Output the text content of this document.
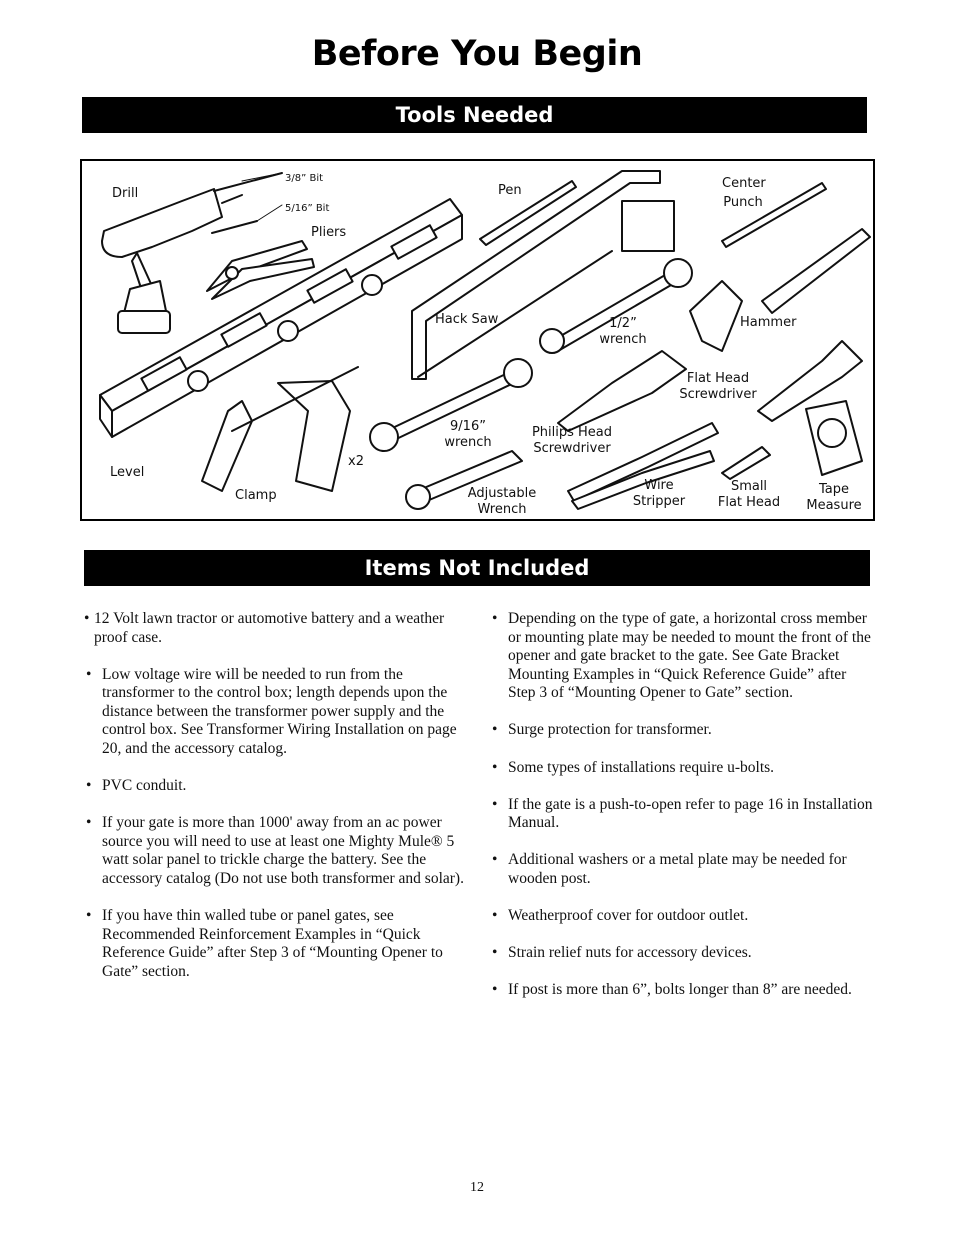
Before You Begin
Tools Needed
Drill
3/8” Bit
5/16” Bit
Pliers
Pen	Center
Punch
Hack Saw	1/2”
wrench
Hammer
Flat Head
Screwdriver
Level
Clamp
x2
9/16”
wrench
Philips Head
Screwdriver
Adjustable
Wrench
Wire
Stripper
Small
Flat Head
Tape
Measure
Items Not Included
• 12 Volt lawn tractor or automotive battery and a weather proof case.
• Low voltage wire will be needed to run from the transformer to the control box; length depends upon the distance between the transformer power supply and the control box. See Transformer Wiring Installation on page 20, and the accessory catalog.
• PVC conduit.
• If your gate is more than 1000' away from an ac power source you will need to use at least one Mighty Mule® 5 watt solar panel to trickle charge the battery. See the accessory catalog (Do not use both transformer and solar).
• If you have thin walled tube or panel gates, see Recommended Reinforcement Examples in “Quick Reference Guide” after Step 3 of “Mounting Opener to Gate” section.
• Depending on the type of gate, a horizontal cross member or mounting plate may be needed to mount the front of the opener and gate bracket to the gate. See Gate Bracket Mounting Examples in “Quick Reference Guide” after Step 3 of “Mounting Opener to Gate” section.
• Surge protection for transformer.
• Some types of installations require u-bolts.
• If the gate is a push-to-open refer to page 16 in Installation Manual.
• Additional washers or a metal plate may be needed for wooden post.
• Weatherproof cover for outdoor outlet.
• Strain relief nuts for accessory devices.
• If post is more than 6”, bolts longer than 8” are needed.
12
